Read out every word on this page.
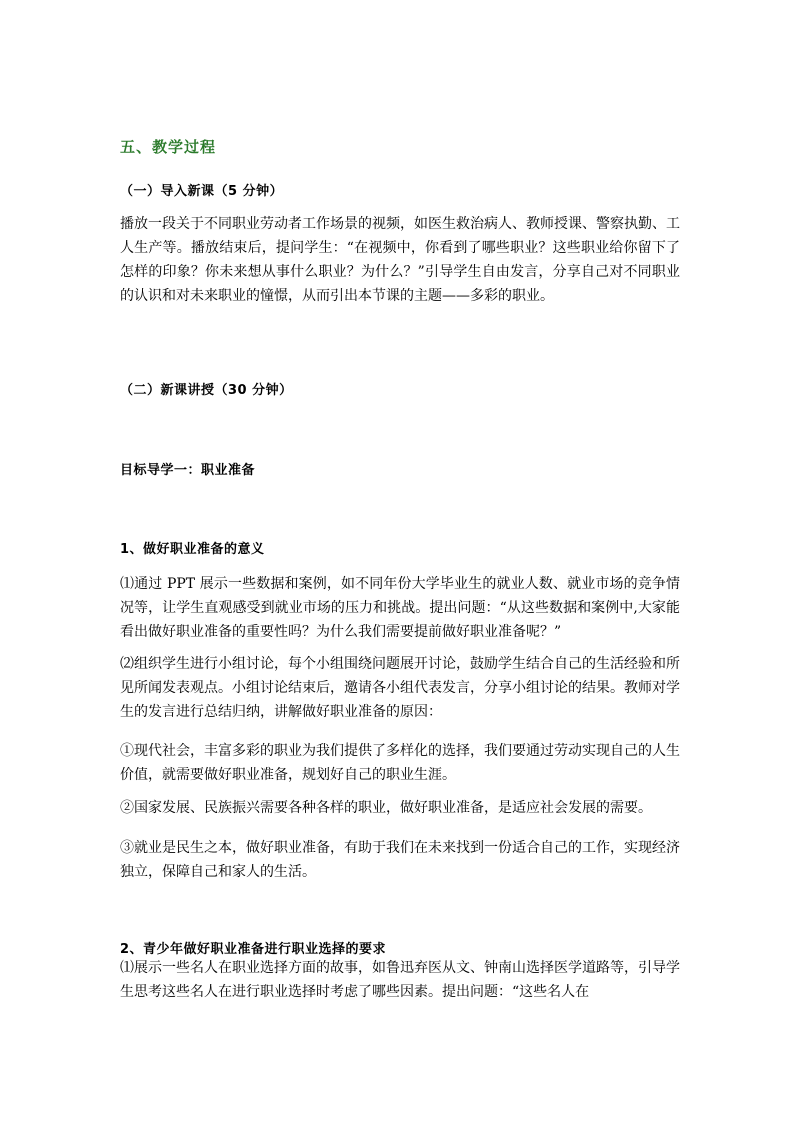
五、教学过程
（一）导入新课（5 分钟）

播放一段关于不同职业劳动者工作场景的视频，如医生救治病人、教师授课、警察执勤、工人生产等。播放结束后，提问学生：“在视频中，你看到了哪些职业？这些职业给你留下了怎样的印象？你未来想从事什么职业？为什么？”引导学生自由发言，分享自己对不同职业的认识和对未来职业的憧憬，从而引出本节课的主题——多彩的职业。

（二）新课讲授（30 分钟）
目标导学一：职业准备
1、做好职业准备的意义

⑴通过 PPT 展示一些数据和案例，如不同年份大学毕业生的就业人数、就业市场的竞争情况等，让学生直观感受到就业市场的压力和挑战。提出问题：“从这些数据和案例中,大家能看出做好职业准备的重要性吗？为什么我们需要提前做好职业准备呢？”

⑵组织学生进行小组讨论，每个小组围绕问题展开讨论，鼓励学生结合自己的生活经验和所见所闻发表观点。小组讨论结束后，邀请各小组代表发言，分享小组讨论的结果。教师对学生的发言进行总结归纳，讲解做好职业准备的原因：

①现代社会，丰富多彩的职业为我们提供了多样化的选择，我们要通过劳动实现自己的人生价值，就需要做好职业准备，规划好自己的职业生涯。

②国家发展、民族振兴需要各种各样的职业，做好职业准备，是适应社会发展的需要。

③就业是民生之本，做好职业准备，有助于我们在未来找到一份适合自己的工作，实现经济独立，保障自己和家人的生活。

2、青少年做好职业准备进行职业选择的要求

⑴展示一些名人在职业选择方面的故事，如鲁迅弃医从文、钟南山选择医学道路等，引导学生思考这些名人在进行职业选择时考虑了哪些因素。提出问题：“这些名人在
